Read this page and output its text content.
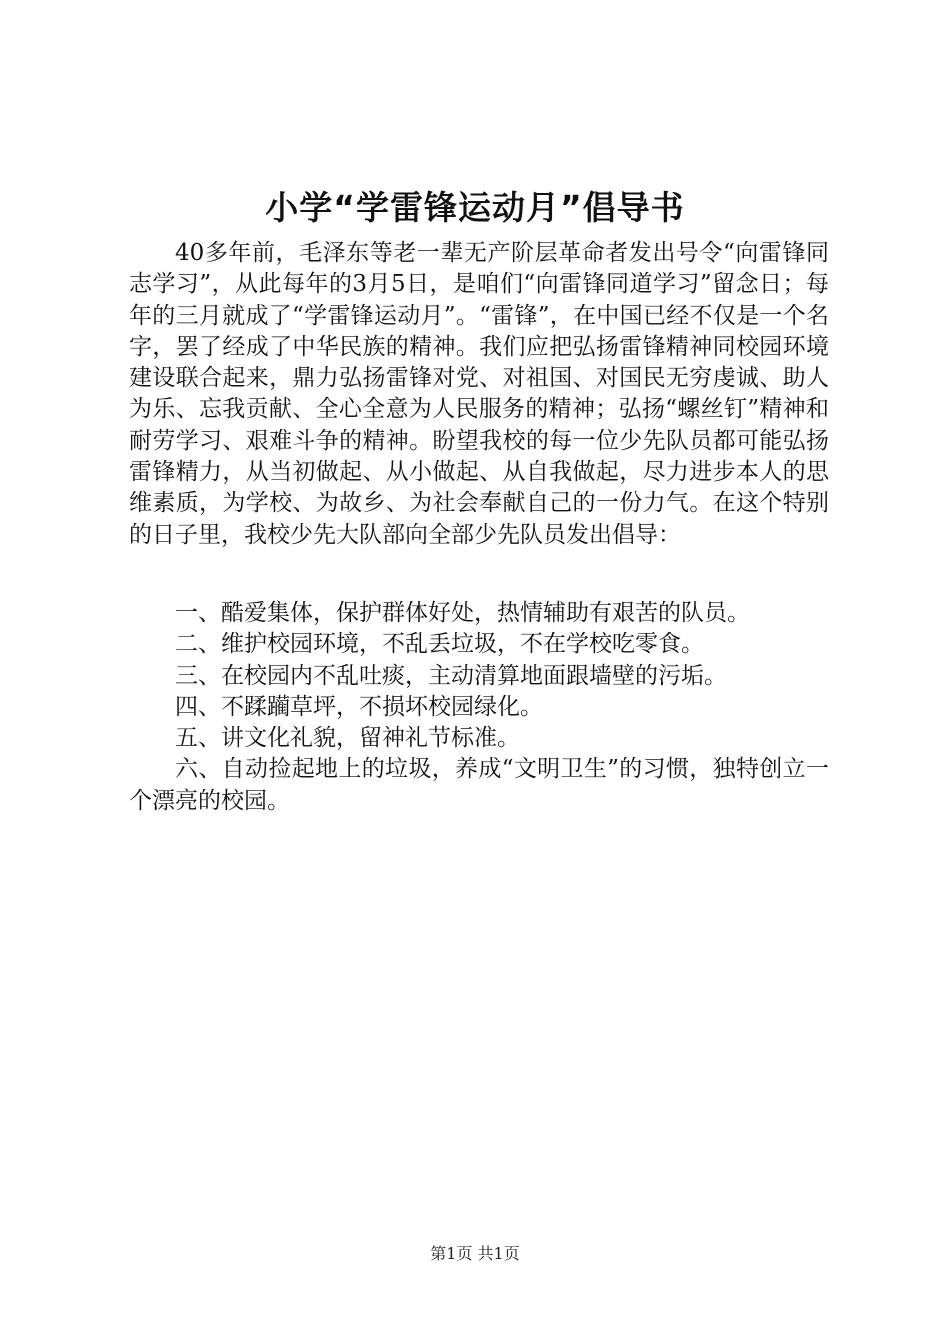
小学“学雷锋运动月”倡导书

40多年前，毛泽东等老一辈无产阶层革命者发出号令“向雷锋同志学习”，从此每年的3月5日，是咱们“向雷锋同道学习”留念日；每年的三月就成了“学雷锋运动月”。“雷锋”，在中国已经不仅是一个名字，罢了经成了中华民族的精神。我们应把弘扬雷锋精神同校园环境建设联合起来，鼎力弘扬雷锋对党、对祖国、对国民无穷虔诚、助人为乐、忘我贡献、全心全意为人民服务的精神；弘扬“螺丝钉”精神和耐劳学习、艰难斗争的精神。盼望我校的每一位少先队员都可能弘扬雷锋精力，从当初做起、从小做起、从自我做起，尽力进步本人的思维素质，为学校、为故乡、为社会奉献自己的一份力气。在这个特别的日子里，我校少先大队部向全部少先队员发出倡导：

一、酷爱集体，保护群体好处，热情辅助有艰苦的队员。
二、维护校园环境，不乱丢垃圾，不在学校吃零食。
三、在校园内不乱吐痰，主动清算地面跟墙壁的污垢。
四、不蹂躏草坪，不损坏校园绿化。
五、讲文化礼貌，留神礼节标准。
六、自动捡起地上的垃圾，养成“文明卫生”的习惯，独特创立一个漂亮的校园。
第1页 共1页
